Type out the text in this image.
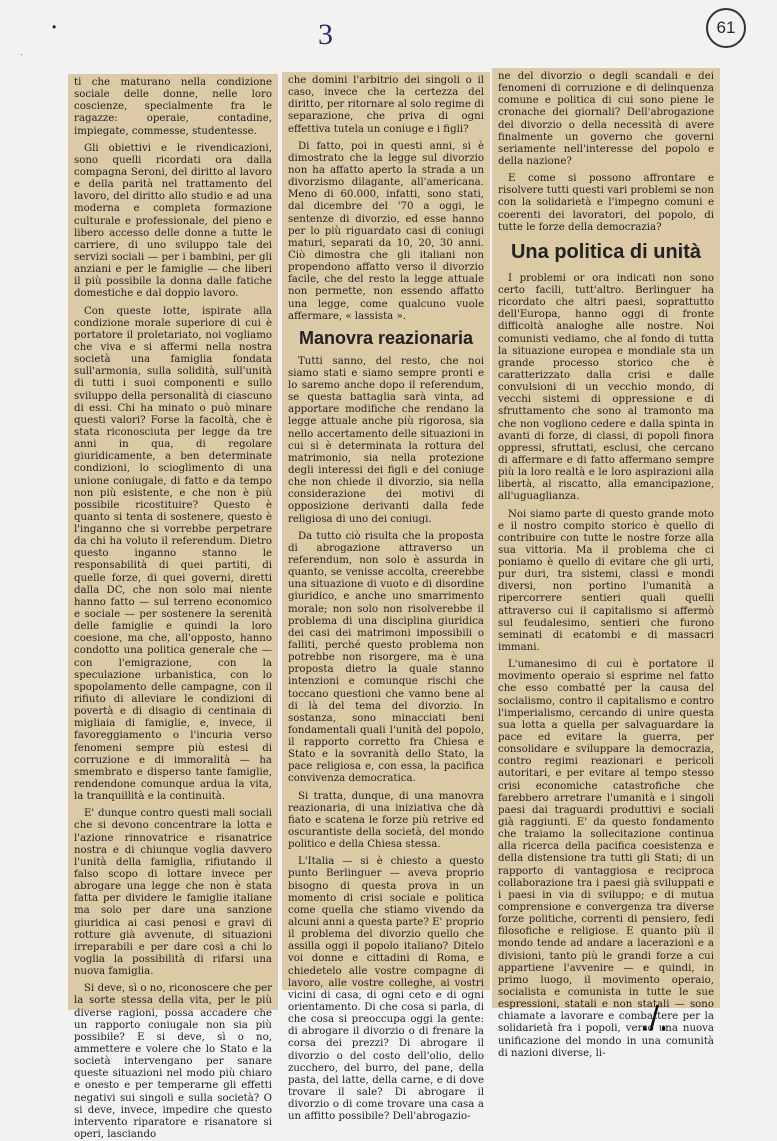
•
`
3	61

ti che maturano nella condizione sociale delle donne, nelle loro coscienze, specialmente fra le ragazze: operaie, contadine, impiegate, commesse, studentesse.

Gli obiettivi e le rivendicazioni, sono quelli ricordati ora dalla compagna Seroni, del diritto al lavoro e della parità nel trattamento del lavoro, del diritto allo studio e ad una moderna e completa formazione culturale e professionale, del pieno e libero accesso delle donne a tutte le carriere, di uno sviluppo tale dei servizi sociali — per i bambini, per gli anziani e per le famiglie — che liberi il più possibile la donna dalle fatiche domestiche e dal doppio lavoro.

Con queste lotte, ispirate alla condizione morale superiore di cui è portatore il proletariato, noi vogliamo che viva e si affermi nella nostra società una famiglia fondata sull'armonia, sulla solidità, sull'unità di tutti i suoi componenti e sullo sviluppo della personalità di ciascuno di essi. Chi ha minato o può minare questi valori? Forse la facoltà, che è stata riconosciuta per legge da tre anni in qua, di regolare giuridicamente, a ben determinate condizioni, lo scioglimento di una unione coniugale, di fatto e da tempo non più esistente, e che non è più possibile ricostituire? Questo è quanto si tenta di sostenere, questo è l'inganno che si vorrebbe perpetrare da chi ha voluto il referendum. Dietro questo inganno stanno le responsabilità di quei partiti, di quelle forze, di quei governi, diretti dalla DC, che non solo mai niente hanno fatto — sul terreno economico e sociale — per sostenere la serenità delle famiglie e quindi la loro coesione, ma che, all'opposto, hanno condotto una politica generale che — con l'emigrazione, con la speculazione urbanistica, con lo spopolamento delle campagne, con il rifiuto di alleviare le condizioni di povertà e di disagio di centinaia di migliaia di famiglie, e, invece, il favoreggiamento o l'incuria verso fenomeni sempre più estesi di corruzione e di immoralità — ha smembrato e disperso tante famiglie, rendendone comunque ardua la vita, la tranquillità e la continuità.

E' dunque contro questi mali sociali che si devono concentrare la lotta e l'azione rinnovatrice e risanatrice nostra e di chiunque voglia davvero l'unità della famiglia, rifiutando il falso scopo di lottare invece per abrogare una legge che non è stata fatta per dividere le famiglie italiane ma solo per dare una sanzione giuridica ai casi penosi e gravi di rotture già avvenute, di situazioni irreparabili e per dare così a chi lo voglia la possibilità di rifarsi una nuova famiglia.

Si deve, sì o no, riconoscere che per la sorte stessa della vita, per le più diverse ragioni, possa accadere che un rapporto coniugale non sia più possibile? E si deve, sì o no, ammettere e volere che lo Stato e la società intervengano per sanare queste situazioni nel modo più chiaro e onesto e per temperarne gli effetti negativi sui singoli e sulla società? O si deve, invece, impedire che questo intervento riparatore e risanatore si operi, lasciando

che domini l'arbitrio dei singoli o il caso, invece che la certezza del diritto, per ritornare al solo regime di separazione, che priva di ogni effettiva tutela un coniuge e i figli?

Di fatto, poi in questi anni, si è dimostrato che la legge sul divorzio non ha affatto aperto la strada a un divorzismo dilagante, all'americana. Meno di 60.000, infatti, sono stati, dal dicembre del '70 a oggi, le sentenze di divorzio, ed esse hanno per lo più riguardato casi di coniugi maturi, separati da 10, 20, 30 anni. Ciò dimostra che gli italiani non propendono affatto verso il divorzio facile, che del resto la legge attuale non permette, non essendo affatto una legge, come qualcuno vuole affermare, « lassista ».

Manovra reazionaria

Tutti sanno, del resto, che noi siamo stati e siamo sempre pronti e lo saremo anche dopo il referendum, se questa battaglia sarà vinta, ad apportare modifiche che rendano la legge attuale anche più rigorosa, sia nello accertamento delle situazioni in cui si è determinata la rottura del matrimonio, sia nella protezione degli interessi dei figli e del coniuge che non chiede il divorzio, sia nella considerazione dei motivi di opposizione derivanti dalla fede religiosa di uno dei coniugi.

Da tutto ciò risulta che la proposta di abrogazione attraverso un referendum, non solo è assurda in quanto, se venisse accolta, creerebbe una situazione di vuoto e di disordine giuridico, e anche uno smarrimento morale; non solo non risolverebbe il problema di una disciplina giuridica dei casi dei matrimoni impossibili o falliti, perché questo problema non potrebbe non risorgere, ma è una proposta dietro la quale stanno intenzioni e comunque rischi che toccano questioni che vanno bene al di là del tema del divorzio. In sostanza, sono minacciati beni fondamentali quali l'unità del popolo, il rapporto corretto fra Chiesa e Stato e la sovranità dello Stato, la pace religiosa e, con essa, la pacifica convivenza democratica.

Si tratta, dunque, di una manovra reazionaria, di una iniziativa che dà fiato e scatena le forze più retrive ed oscurantiste della società, del mondo politico e della Chiesa stessa.

L'Italia — si è chiesto a questo punto Berlinguer — aveva proprio bisogno di questa prova in un momento di crisi sociale e politica come quella che stiamo vivendo da alcuni anni a questa parte? E' proprio il problema del divorzio quello che assilla oggi il popolo italiano? Ditelo voi donne e cittadini di Roma, e chiedetelo alle vostre compagne di lavoro, alle vostre colleghe, ai vostri vicini di casa, di ogni ceto e di ogni orientamento. Di che cosa si parla, di che cosa si preoccupa oggi la gente: di abrogare il divorzio o di frenare la corsa dei prezzi? Di abrogare il divorzio o del costo dell'olio, dello zucchero, del burro, del pane, della pasta, del latte, della carne, e di dove trovare il sale? Di abrogare il divorzio o di come trovare una casa a un affitto possibile? Dell'abrogazio-

ne del divorzio o degli scandali e dei fenomeni di corruzione e di delinquenza comune e politica di cui sono piene le cronache dei giornali? Dell'abrogazione del divorzio o della necessità di avere finalmente un governo che governi seriamente nell'interesse del popolo e della nazione?

E come si possono affrontare e risolvere tutti questi vari problemi se non con la solidarietà e l'impegno comuni e coerenti dei lavoratori, del popolo, di tutte le forze della democrazia?

Una politica di unità

I problemi or ora indicati non sono certo facili, tutt'altro. Berlinguer ha ricordato che altri paesi, soprattutto dell'Europa, hanno oggi di fronte difficoltà analoghe alle nostre. Noi comunisti vediamo, che al fondo di tutta la situazione europea e mondiale sta un grande processo storico che è caratterizzato dalla crisi e dalle convulsioni di un vecchio mondo, di vecchi sistemi di oppressione e di sfruttamento che sono al tramonto ma che non vogliono cedere e dalla spinta in avanti di forze, di classi, di popoli finora oppressi, sfruttati, esclusi, che cercano di affermare e di fatto affermano sempre più la loro realtà e le loro aspirazioni alla libertà, al riscatto, alla emancipazione, all'uguaglianza.

Noi siamo parte di questo grande moto e il nostro compito storico è quello di contribuire con tutte le nostre forze alla sua vittoria. Ma il problema che ci poniamo è quello di evitare che gli urti, pur duri, tra sistemi, classi e mondi diversi, non portino l'umanità a ripercorrere sentieri quali quelli attraverso cui il capitalismo si affermò sul feudalesimo, sentieri che furono seminati di ecatombi e di massacri immani.

L'umanesimo di cui è portatore il movimento operaio si esprime nel fatto che esso combatté per la causa del socialismo, contro il capitalismo e contro l'imperialismo, cercando di unire questa sua lotta a quella per salvaguardare la pace ed evitare la guerra, per consolidare e sviluppare la democrazia, contro regimi reazionari e pericoli autoritari, e per evitare al tempo stesso crisi economiche catastrofiche che farebbero arretrare l'umanità e i singoli paesi dai traguardi produttivi e sociali già raggiunti. E' da questo fondamento che traiamo la sollecitazione continua alla ricerca della pacifica coesistenza e della distensione tra tutti gli Stati; di un rapporto di vantaggiosa e reciproca collaborazione tra i paesi già sviluppati e i paesi in via di sviluppo; e di mutua comprensione e convergenza tra diverse forze politiche, correnti di pensiero, fedi filosofiche e religiose. E quanto più il mondo tende ad andare a lacerazioni e a divisioni, tanto più le grandi forze a cui appartiene l'avvenire — e quindi, in primo luogo, il movimento operaio, socialista e comunista in tutte le sue espressioni, statali e non statali — sono chiamate a lavorare e combattere per la solidarietà fra i popoli, verso una nuova unificazione del mondo in una comunità di nazioni diverse, li-

./.
